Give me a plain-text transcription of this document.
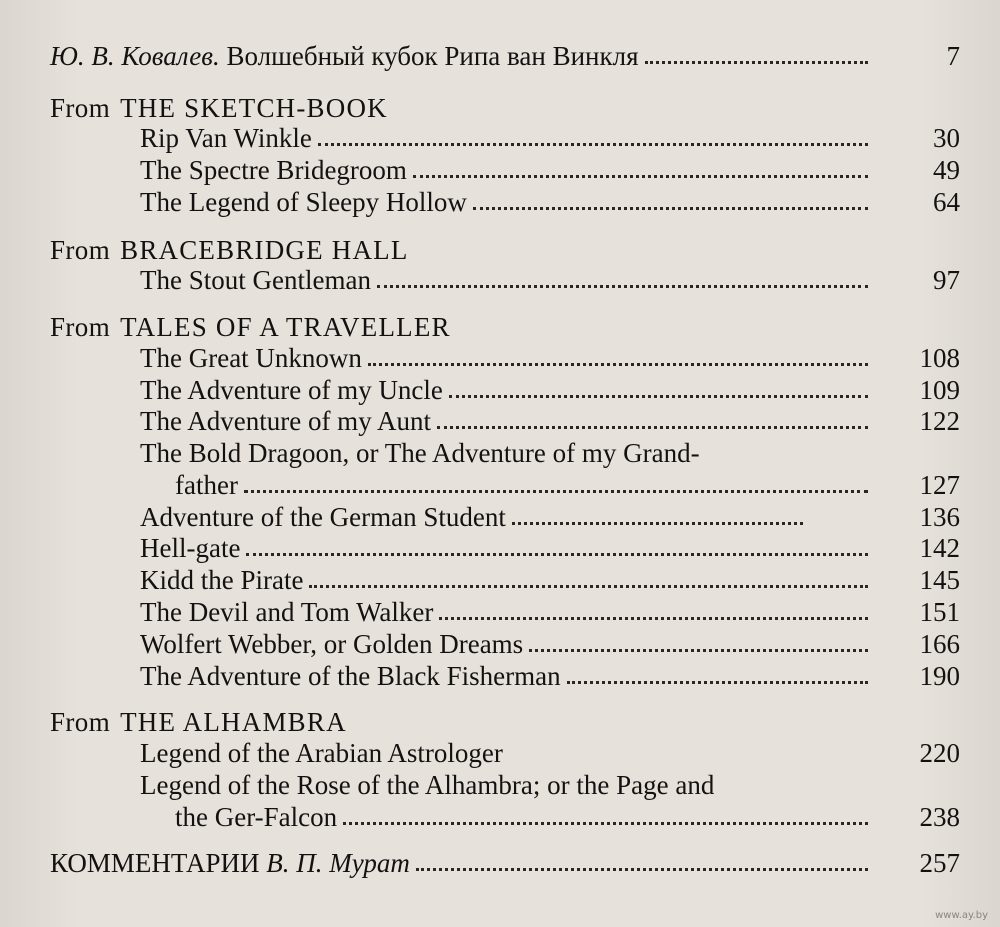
Ю. В. Ковалев. Волшебный кубок Рипа ван Винкля	7
From THE SKETCH-BOOK
Rip Van Winkle	30
The Spectre Bridegroom	49
The Legend of Sleepy Hollow	64
From BRACEBRIDGE HALL
The Stout Gentleman	97
From TALES OF A TRAVELLER
The Great Unknown	108
The Adventure of my Uncle	109
The Adventure of my Aunt	122
The Bold Dragoon, or The Adventure of my Grand-
father	127
Adventure of the German Student	136
Hell-gate	142
Kidd the Pirate	145
The Devil and Tom Walker	151
Wolfert Webber, or Golden Dreams	166
The Adventure of the Black Fisherman	190
From THE ALHAMBRA
Legend of the Arabian Astrologer	220
Legend of the Rose of the Alhambra; or the Page and
the Ger-Falcon	238
КОММЕНТАРИИ В. П. Мурат	257
www.ay.by
